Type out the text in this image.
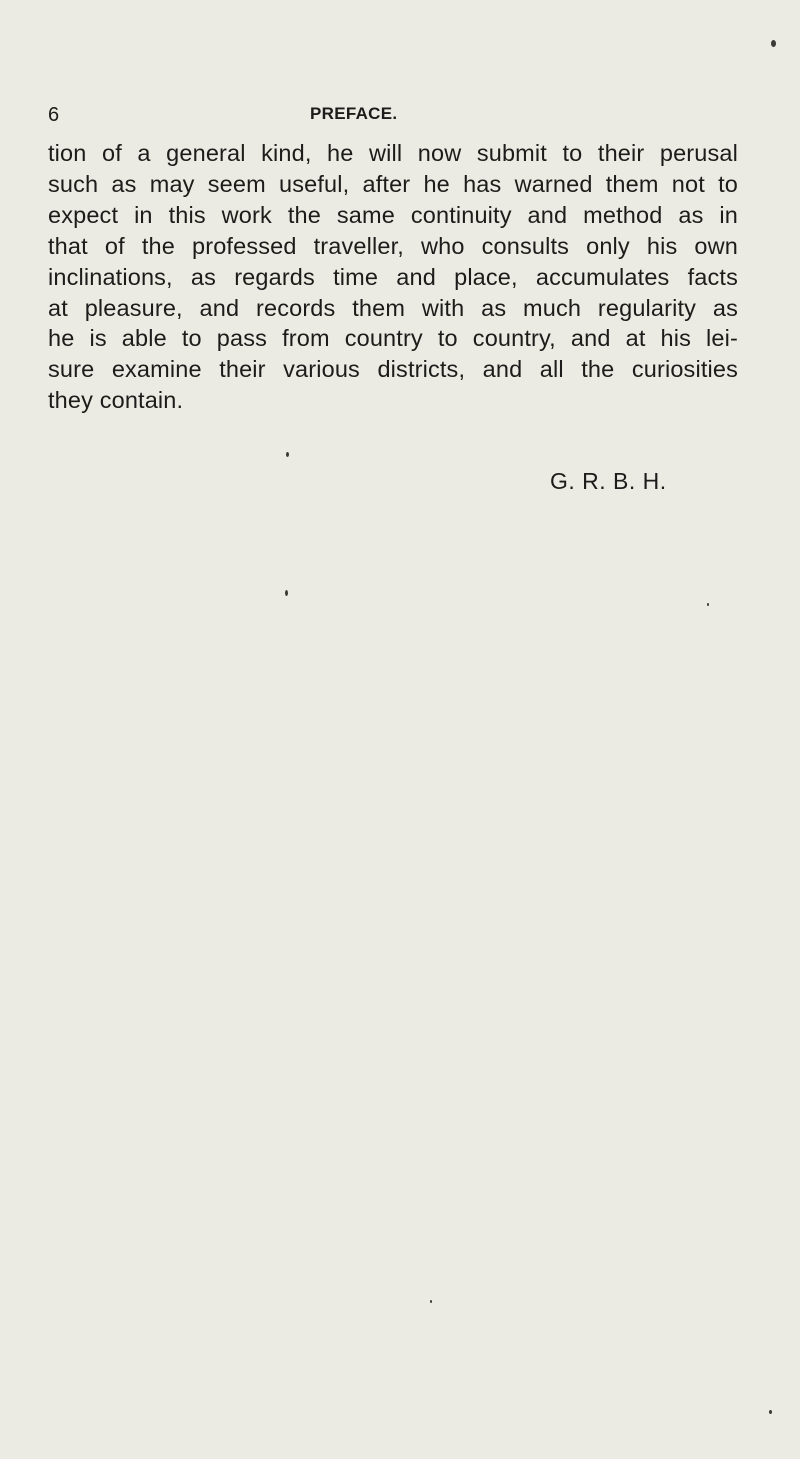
6	PREFACE.
tion of a general kind, he will now submit to their perusal
such as may seem useful, after he has warned them not to
expect in this work the same continuity and method as in
that of the professed traveller, who consults only his own
inclinations, as regards time and place, accumulates facts
at pleasure, and records them with as much regularity as
he is able to pass from country to country, and at his lei-
sure examine their various districts, and all the curiosities
they contain.
G. R. B. H.
